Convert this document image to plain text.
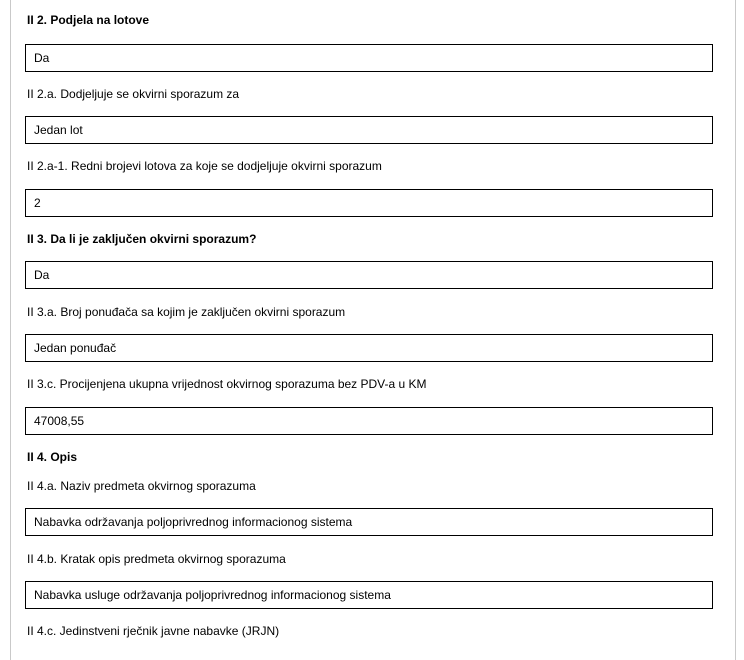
II 2. Podjela na lotove
Da
II 2.a. Dodjeljuje se okvirni sporazum za
Jedan lot
II 2.a-1. Redni brojevi lotova za koje se dodjeljuje okvirni sporazum
2
II 3. Da li je zaključen okvirni sporazum?
Da
II 3.a. Broj ponuđača sa kojim je zaključen okvirni sporazum
Jedan ponuđač
II 3.c. Procijenjena ukupna vrijednost okvirnog sporazuma bez PDV-a u KM
47008,55
II 4. Opis
II 4.a. Naziv predmeta okvirnog sporazuma
Nabavka održavanja poljoprivrednog informacionog sistema
II 4.b. Kratak opis predmeta okvirnog sporazuma
Nabavka usluge održavanja poljoprivrednog informacionog sistema
II 4.c. Jedinstveni rječnik javne nabavke (JRJN)
